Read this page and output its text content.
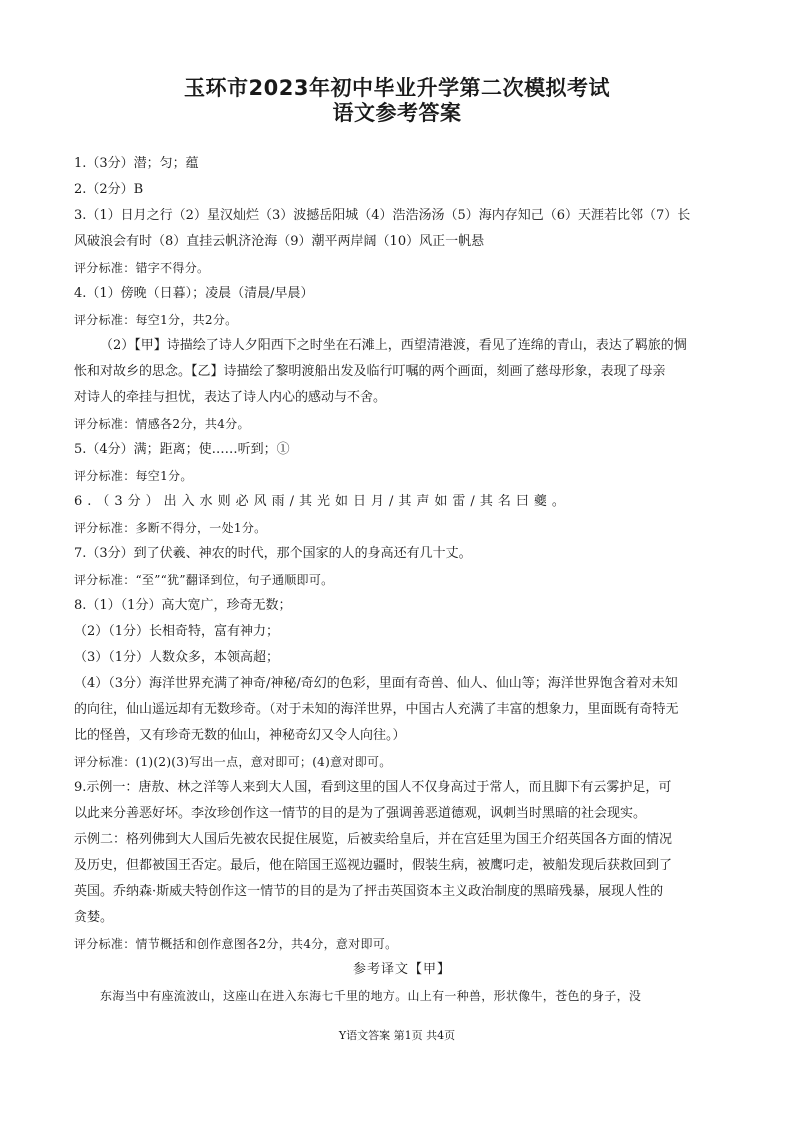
玉环市2023年初中毕业升学第二次模拟考试
语文参考答案
1.（3分）潜；匀；蕴
2.（2分）B
3.（1）日月之行（2）星汉灿烂（3）波撼岳阳城（4）浩浩汤汤（5）海内存知己（6）天涯若比邻（7）长
风破浪会有时（8）直挂云帆济沧海（9）潮平两岸阔（10）风正一帆悬
评分标准：错字不得分。
4.（1）傍晚（日暮）；凌晨（清晨/早晨）
评分标准：每空1分，共2分。
（2）【甲】诗描绘了诗人夕阳西下之时坐在石滩上，西望清港渡，看见了连绵的青山，表达了羁旅的惆
怅和对故乡的思念。【乙】诗描绘了黎明渡船出发及临行叮嘱的两个画面，刻画了慈母形象，表现了母亲
对诗人的牵挂与担忧，表达了诗人内心的感动与不舍。
评分标准：情感各2分，共4分。
5.（4分）满；距离；使……听到；①
评分标准：每空1分。
6.（3分）出入水则必风雨/其光如日月/其声如雷/其名曰夔。
评分标准：多断不得分，一处1分。
7.（3分）到了伏羲、神农的时代，那个国家的人的身高还有几十丈。
评分标准：“至”“犹”翻译到位，句子通顺即可。
8.（1）（1分）高大宽广，珍奇无数；
（2）（1分）长相奇特，富有神力；
（3）（1分）人数众多，本领高超；
（4）（3分）海洋世界充满了神奇/神秘/奇幻的色彩，里面有奇兽、仙人、仙山等；海洋世界饱含着对未知
的向往，仙山遥远却有无数珍奇。（对于未知的海洋世界，中国古人充满了丰富的想象力，里面既有奇特无
比的怪兽，又有珍奇无数的仙山，神秘奇幻又令人向往。）
评分标准：(1)(2)(3)写出一点，意对即可；(4)意对即可。
9.示例一：唐敖、林之洋等人来到大人国，看到这里的国人不仅身高过于常人，而且脚下有云雾护足，可
以此来分善恶好坏。李汝珍创作这一情节的目的是为了强调善恶道德观，讽刺当时黑暗的社会现实。
示例二：格列佛到大人国后先被农民捉住展览，后被卖给皇后，并在宫廷里为国王介绍英国各方面的情况
及历史，但都被国王否定。最后，他在陪国王巡视边疆时，假装生病，被鹰叼走，被船发现后获救回到了
英国。乔纳森·斯威夫特创作这一情节的目的是为了抨击英国资本主义政治制度的黑暗残暴，展现人性的
贪婪。
评分标准：情节概括和创作意图各2分，共4分，意对即可。
参考译文【甲】
东海当中有座流波山，这座山在进入东海七千里的地方。山上有一种兽，形状像牛，苍色的身子，没
Y语文答案 第1页 共4页
